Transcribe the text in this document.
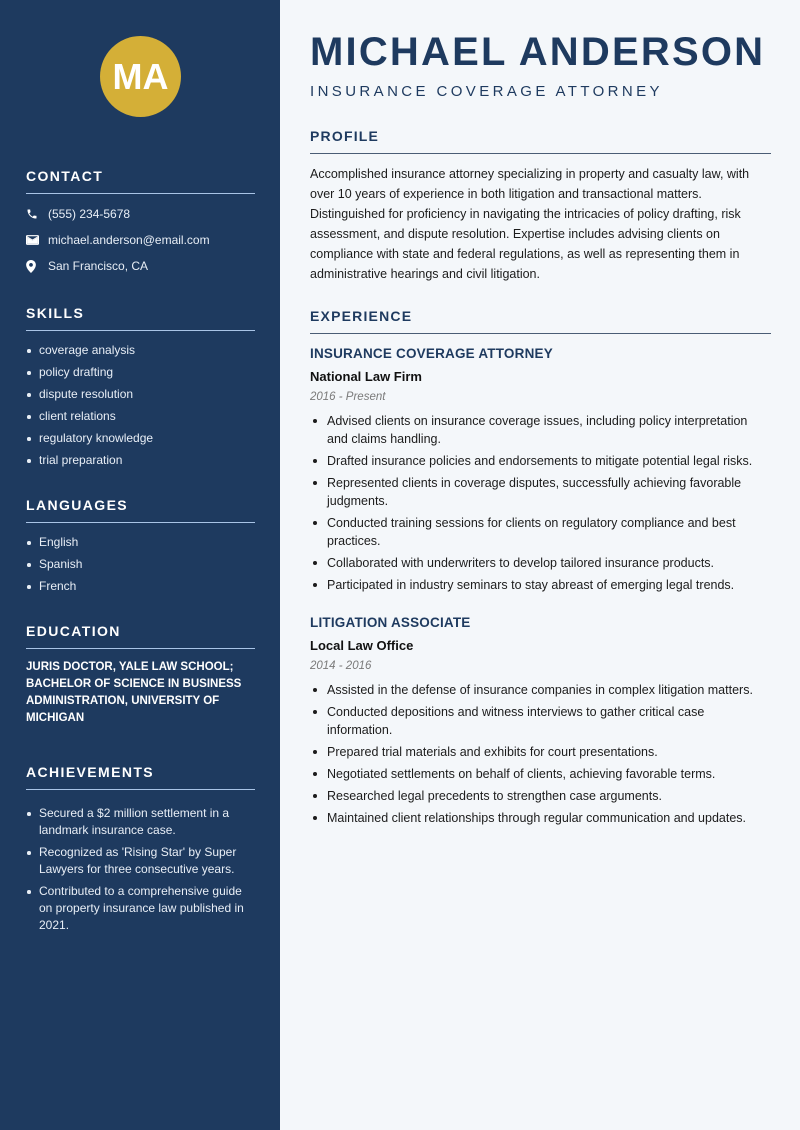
MA
CONTACT
(555) 234-5678
michael.anderson@email.com
San Francisco, CA
SKILLS
coverage analysis
policy drafting
dispute resolution
client relations
regulatory knowledge
trial preparation
LANGUAGES
English
Spanish
French
EDUCATION
JURIS DOCTOR, YALE LAW SCHOOL; BACHELOR OF SCIENCE IN BUSINESS ADMINISTRATION, UNIVERSITY OF MICHIGAN
ACHIEVEMENTS
Secured a $2 million settlement in a landmark insurance case.
Recognized as 'Rising Star' by Super Lawyers for three consecutive years.
Contributed to a comprehensive guide on property insurance law published in 2021.
MICHAEL ANDERSON
INSURANCE COVERAGE ATTORNEY
PROFILE

Accomplished insurance attorney specializing in property and casualty law, with over 10 years of experience in both litigation and transactional matters. Distinguished for proficiency in navigating the intricacies of policy drafting, risk assessment, and dispute resolution. Expertise includes advising clients on compliance with state and federal regulations, as well as representing them in administrative hearings and civil litigation.

EXPERIENCE
INSURANCE COVERAGE ATTORNEY
National Law Firm
2016 - Present
Advised clients on insurance coverage issues, including policy interpretation and claims handling.
Drafted insurance policies and endorsements to mitigate potential legal risks.
Represented clients in coverage disputes, successfully achieving favorable judgments.
Conducted training sessions for clients on regulatory compliance and best practices.
Collaborated with underwriters to develop tailored insurance products.
Participated in industry seminars to stay abreast of emerging legal trends.
LITIGATION ASSOCIATE
Local Law Office
2014 - 2016
Assisted in the defense of insurance companies in complex litigation matters.
Conducted depositions and witness interviews to gather critical case information.
Prepared trial materials and exhibits for court presentations.
Negotiated settlements on behalf of clients, achieving favorable terms.
Researched legal precedents to strengthen case arguments.
Maintained client relationships through regular communication and updates.
